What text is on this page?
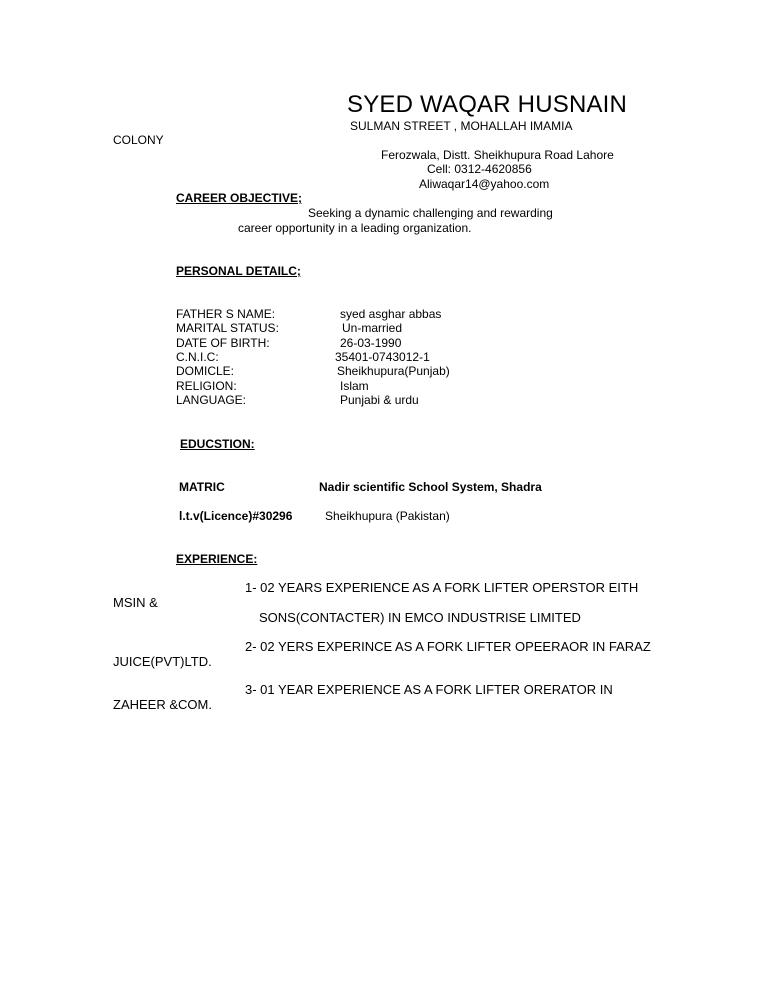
SYED WAQAR HUSNAIN
SULMAN STREET , MOHALLAH IMAMIA
COLONY
Ferozwala, Distt. Sheikhupura Road Lahore
Cell: 0312-4620856
Aliwaqar14@yahoo.com
CAREER OBJECTIVE;
Seeking a dynamic challenging and rewarding
career opportunity in a leading organization.
PERSONAL DETAILC;
FATHER S NAME:	syed asghar abbas
MARITAL STATUS:	Un-married
DATE OF BIRTH:	26-03-1990
C.N.I.C:	35401-0743012-1
DOMICLE:	Sheikhupura(Punjab)
RELIGION:	Islam
LANGUAGE:	Punjabi & urdu
EDUCSTION:
MATRIC	Nadir scientific School System, Shadra
l.t.v(Licence)#30296	Sheikhupura (Pakistan)
EXPERIENCE:
1- 02 YEARS EXPERIENCE AS A FORK LIFTER OPERSTOR EITH
MSIN &
SONS(CONTACTER) IN EMCO INDUSTRISE LIMITED
2- 02 YERS EXPERINCE AS A FORK LIFTER OPEERAOR IN FARAZ
JUICE(PVT)LTD.
3- 01 YEAR EXPERIENCE AS A FORK LIFTER ORERATOR IN
ZAHEER &COM.
